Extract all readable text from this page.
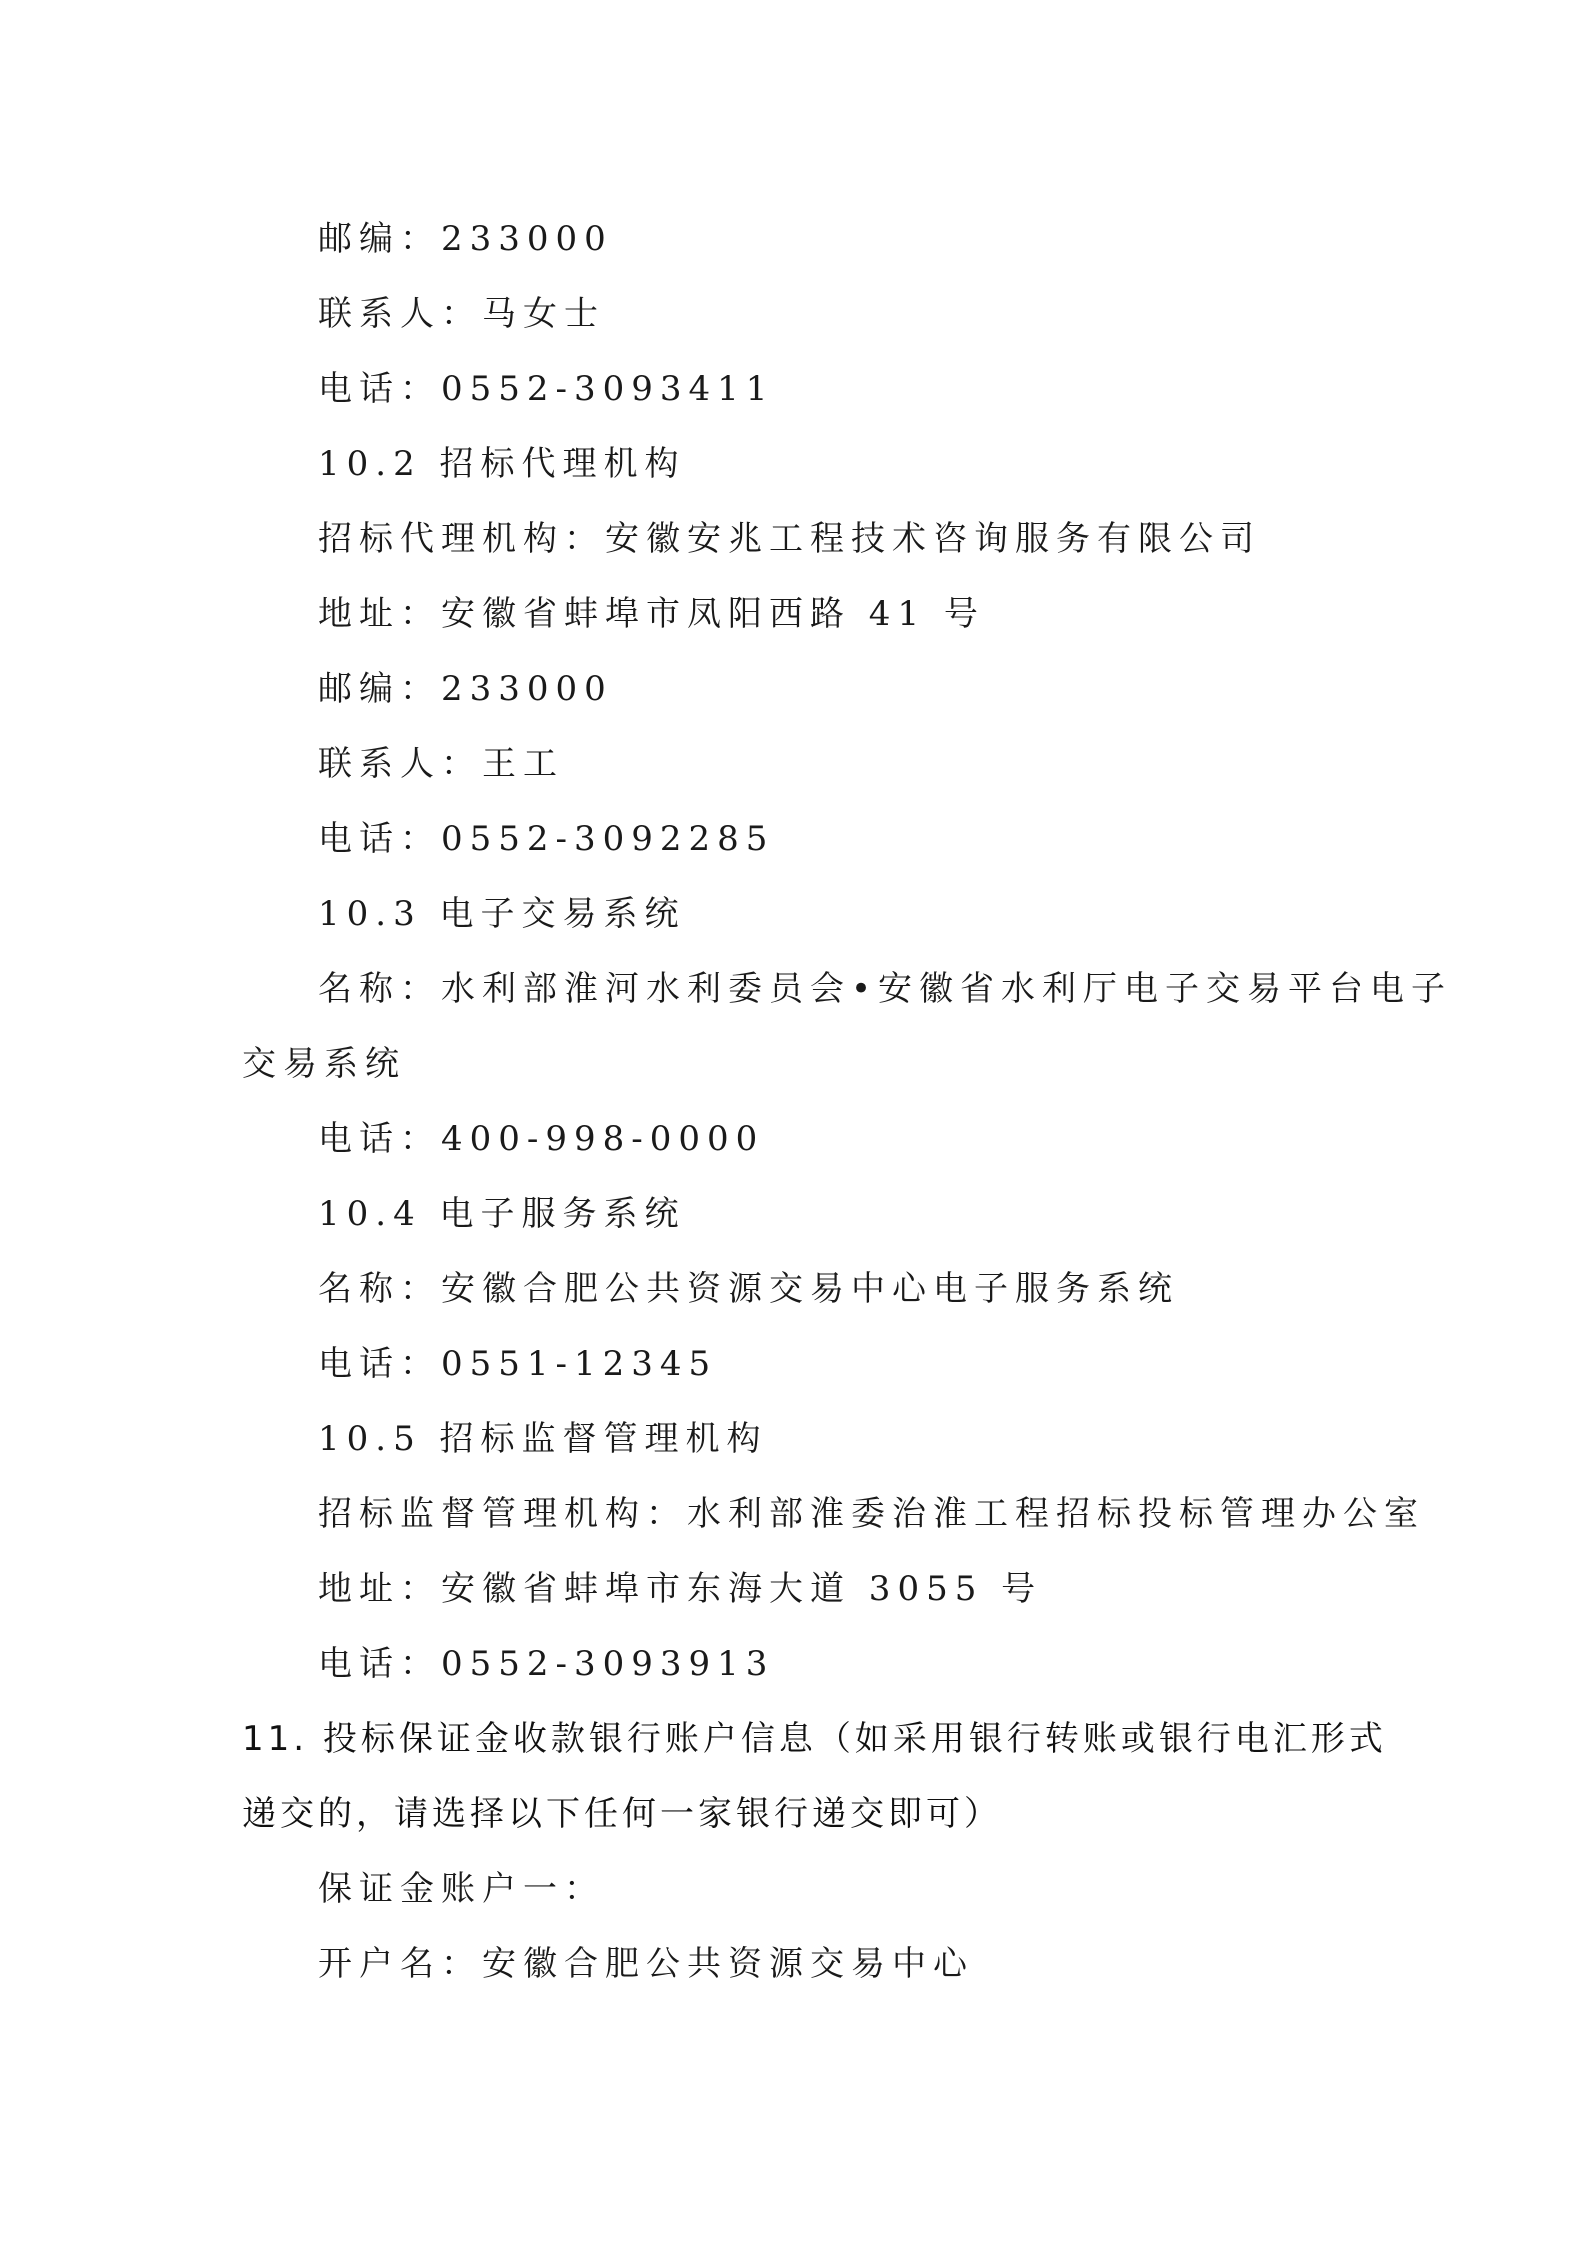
邮编：233000

联系人：马女士

电话：0552-3093411

10.2 招标代理机构

招标代理机构：安徽安兆工程技术咨询服务有限公司

地址：安徽省蚌埠市凤阳西路 41 号

邮编：233000

联系人：王工

电话：0552-3092285

10.3 电子交易系统

名称：水利部淮河水利委员会•安徽省水利厅电子交易平台电子

交易系统

电话：400-998-0000

10.4 电子服务系统

名称：安徽合肥公共资源交易中心电子服务系统

电话：0551-12345

10.5 招标监督管理机构

招标监督管理机构：水利部淮委治淮工程招标投标管理办公室

地址：安徽省蚌埠市东海大道 3055 号

电话：0552-3093913

11. 投标保证金收款银行账户信息（如采用银行转账或银行电汇形式

递交的，请选择以下任何一家银行递交即可）

保证金账户一：

开户名：安徽合肥公共资源交易中心
